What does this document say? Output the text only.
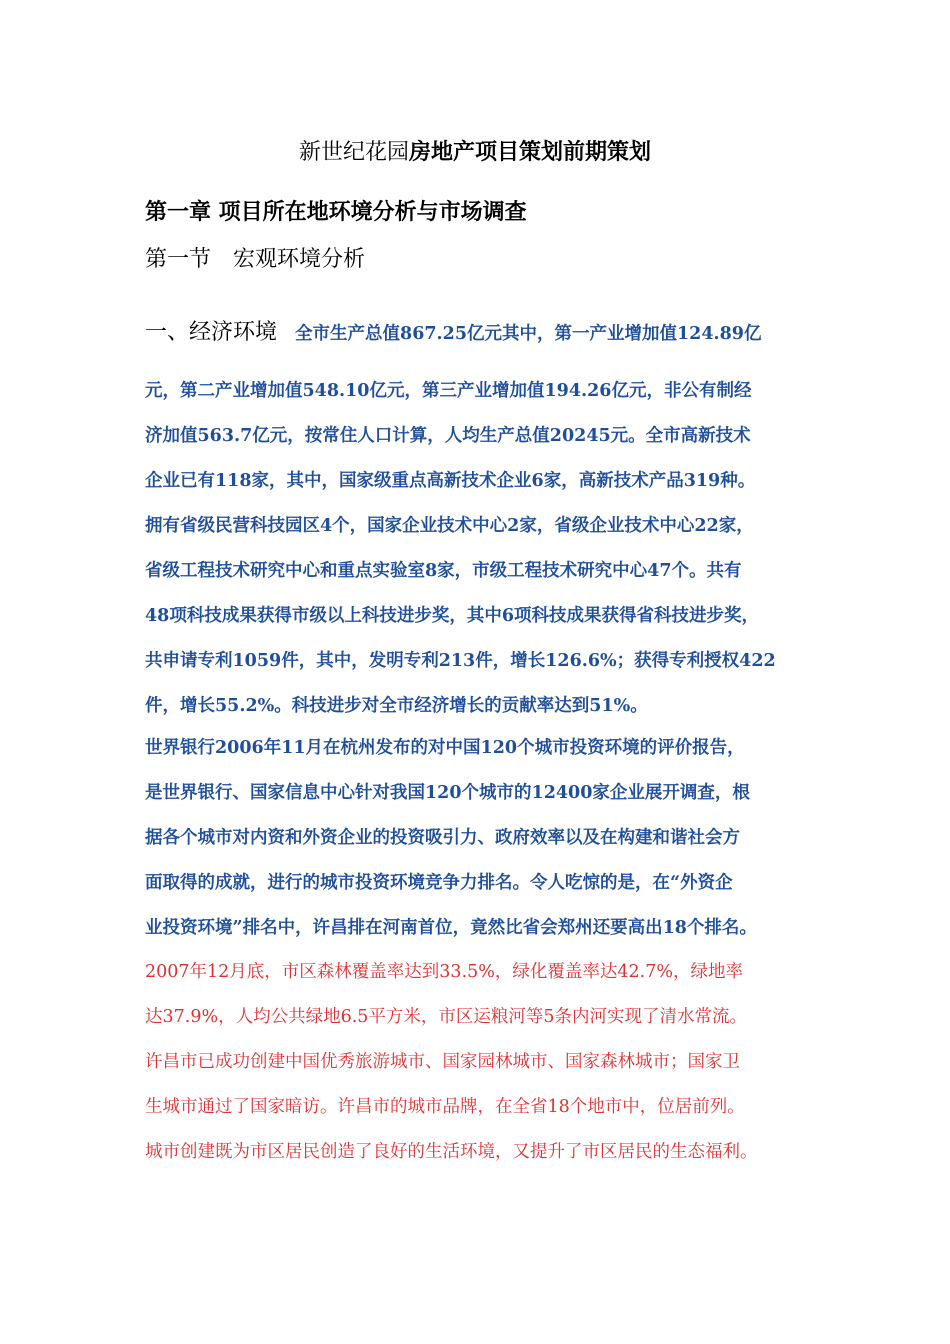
新世纪花园房地产项目策划前期策划
第一章 项目所在地环境分析与市场调查
第一节 宏观环境分析
一、经济环境 全市生产总值867.25亿元其中，第一产业增加值124.89亿
元，第二产业增加值548.10亿元，第三产业增加值194.26亿元，非公有制经
济加值563.7亿元，按常住人口计算，人均生产总值20245元。全市高新技术
企业已有118家，其中，国家级重点高新技术企业6家，高新技术产品319种。
拥有省级民营科技园区4个，国家企业技术中心2家，省级企业技术中心22家，
省级工程技术研究中心和重点实验室8家，市级工程技术研究中心47个。共有
48项科技成果获得市级以上科技进步奖，其中6项科技成果获得省科技进步奖，
共申请专利1059件，其中，发明专利213件，增长126.6%；获得专利授权422
件，增长55.2%。科技进步对全市经济增长的贡献率达到51%。
世界银行2006年11月在杭州发布的对中国120个城市投资环境的评价报告，
是世界银行、国家信息中心针对我国120个城市的12400家企业展开调查，根
据各个城市对内资和外资企业的投资吸引力、政府效率以及在构建和谐社会方
面取得的成就，进行的城市投资环境竞争力排名。令人吃惊的是，在“外资企
业投资环境”排名中，许昌排在河南首位，竟然比省会郑州还要高出18个排名。
2007年12月底，市区森林覆盖率达到33.5%，绿化覆盖率达42.7%，绿地率
达37.9%，人均公共绿地6.5平方米，市区运粮河等5条内河实现了清水常流。
许昌市已成功创建中国优秀旅游城市、国家园林城市、国家森林城市；国家卫
生城市通过了国家暗访。许昌市的城市品牌，在全省18个地市中，位居前列。
城市创建既为市区居民创造了良好的生活环境，又提升了市区居民的生态福利。
